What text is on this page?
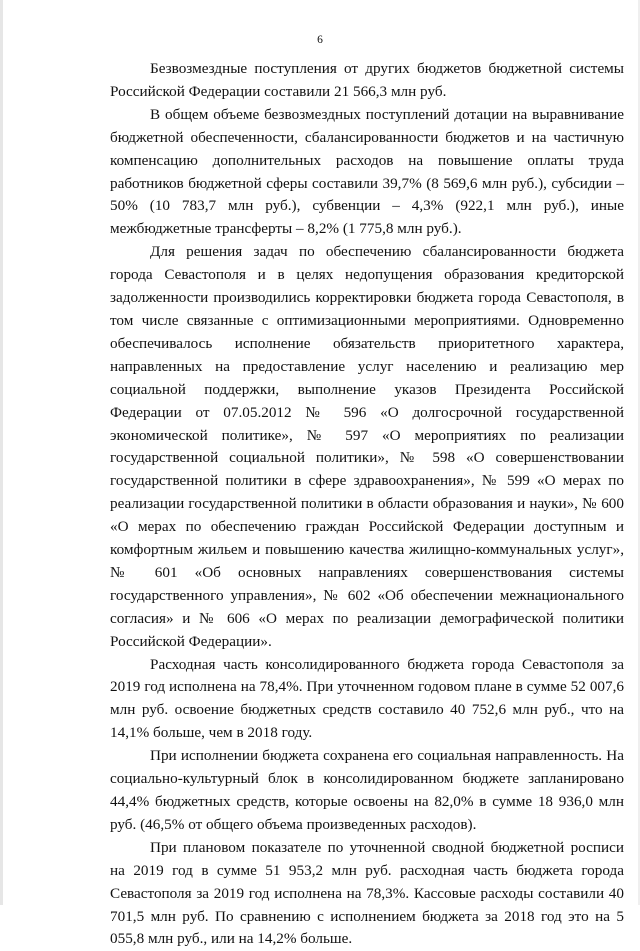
6

Безвозмездные поступления от других бюджетов бюджетной системы Российской Федерации составили 21 566,3 млн руб.

В общем объеме безвозмездных поступлений дотации на выравнивание бюджетной обеспеченности, сбалансированности бюджетов и на частичную компенсацию дополнительных расходов на повышение оплаты труда работников бюджетной сферы составили 39,7% (8 569,6 млн руб.), субсидии – 50% (10 783,7 млн руб.), субвенции – 4,3% (922,1 млн руб.), иные межбюджетные трансферты – 8,2% (1 775,8 млн руб.).

Для решения задач по обеспечению сбалансированности бюджета города Севастополя и в целях недопущения образования кредиторской задолженности производились корректировки бюджета города Севастополя, в том числе связанные с оптимизационными мероприятиями. Одновременно обеспечивалось исполнение обязательств приоритетного характера, направленных на предоставление услуг населению и реализацию мер социальной поддержки, выполнение указов Президента Российской Федерации от 07.05.2012 № 596 «О долгосрочной государственной экономической политике», № 597 «О мероприятиях по реализации государственной социальной политики», № 598 «О совершенствовании государственной политики в сфере здравоохранения», № 599 «О мерах по реализации государственной политики в области образования и науки», № 600 «О мерах по обеспечению граждан Российской Федерации доступным и комфортным жильем и повышению качества жилищно-коммунальных услуг», № 601 «Об основных направлениях совершенствования системы государственного управления», № 602 «Об обеспечении межнационального согласия» и № 606 «О мерах по реализации демографической политики Российской Федерации».

Расходная часть консолидированного бюджета города Севастополя за 2019 год исполнена на 78,4%. При уточненном годовом плане в сумме 52 007,6 млн руб. освоение бюджетных средств составило 40 752,6 млн руб., что на 14,1% больше, чем в 2018 году.

При исполнении бюджета сохранена его социальная направленность. На социально-культурный блок в консолидированном бюджете запланировано 44,4% бюджетных средств, которые освоены на 82,0% в сумме 18 936,0 млн руб. (46,5% от общего объема произведенных расходов).

При плановом показателе по уточненной сводной бюджетной росписи на 2019 год в сумме 51 953,2 млн руб. расходная часть бюджета города Севастополя за 2019 год исполнена на 78,3%. Кассовые расходы составили 40 701,5 млн руб. По сравнению с исполнением бюджета за 2018 год это на 5 055,8 млн руб., или на 14,2% больше.
